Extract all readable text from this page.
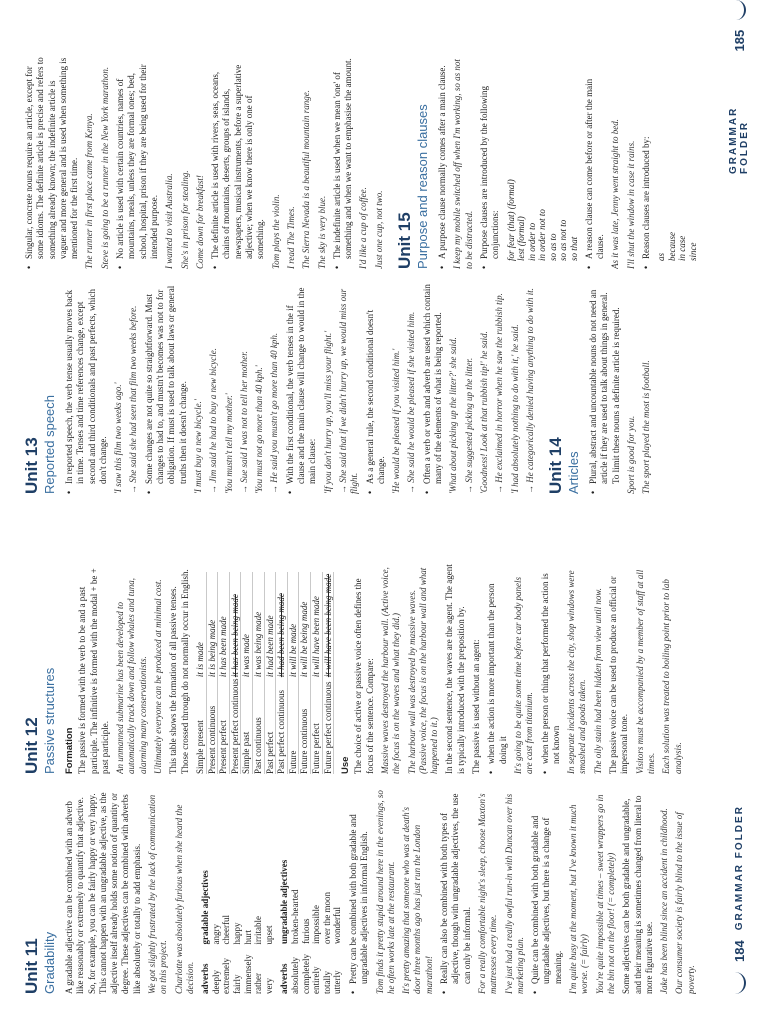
Unit 11 Gradability A gradable adjective can be combined with an adverb like reasonably or extremely to quantify that adjective. So, for example, you can be fairly happy or very happy. This cannot happen with an ungradable adjective, as the adjective itself already holds some notion of quantity or degree. These adjectives can be combined with adverbs like absolutely or totally to add emphasis. We got slightly frustrated by the lack of communication on this project. Charlotte was absolutely furious when she heard the decision. adverbs	gradable adjectives
deeply	angry
extremely	cheerful
fairly	happy
immensely	hurt
rather	irritable
very	upset
adverbs	ungradable adjectives
absolutely	broken-hearted
completely	furious
entirely	impossible
totally	over the moon
utterly	wonderful • Pretty can be combined with both gradable and ungradable adjectives in informal English. Tom finds it pretty stupid around here in the evenings, so he often works late at the restaurant. It's pretty amazing that someone who was at death's door three months ago has just run the London marathon! • Really can also be combined with both types of adjective, though with ungradable adjectives, the use can only be informal. For a really comfortable night's sleep, choose Maxton's mattresses every time. I've just had a really awful run-in with Duncan over his marketing plan. • Quite can be combined with both gradable and ungradable adjectives, but there is a change of meaning. I'm quite busy at the moment, but I've known it much worse. (= fairly) You're quite impossible at times – sweet wrappers go in the bin not on the floor! (= completely) Some adjectives can be both gradable and ungradable, and their meaning is sometimes changed from literal to more figurative use. Jake has been blind since an accident in childhood. Our consumer society is fairly blind to the issue of poverty.

Unit 12 Passive structures Formation The passive is formed with the verb to be and a past participle. The infinitive is formed with the modal + be + past participle. An unmanned submarine has been developed to automatically track down and follow whales and tuna, alarming many conservationists. Ultimately everyone can be produced at minimal cost. This table shows the formation of all passive tenses. Those crossed through do not normally occur in English. Simple present	it is made
Present continuous	it is being made
Present perfect	it has been made
Present perfect continuous	it has been being made
Simple past	it was made
Past continuous	it was being made
Past perfect	it had been made
Past perfect continuous	it had been being made
Future	it will be made
Future continuous	it will be being made
Future perfect	it will have been made
Future perfect continuous	it will have been being made
Use The choice of active or passive voice often defines the focus of the sentence. Compare: Massive waves destroyed the harbour wall. (Active voice, the focus is on the waves and what they did.) The harbour wall was destroyed by massive waves. (Passive voice, the focus is on the harbour wall and what happened to it.) In the second sentence, the waves are the agent. The agent is typically introduced with the preposition by. The passive is used without an agent: • when the action is more important than the person doing it It's going to be quite some time before car body panels are cast from titanium. • when the person or thing that performed the action is not known In separate incidents across the city, shop windows were smashed and goods taken. The oily stain had been hidden from view until now. The passive voice can be used to produce an official or impersonal tone. Visitors must be accompanied by a member of staff at all times. Each solution was treated to boiling point prior to lab analysis.

Unit 13 Reported speech • In reported speech, the verb tense usually moves back in time. Tenses and time references change, except second and third conditionals and past perfects, which don't change. 'I saw this film two weeks ago.' → She said she had seen that film two weeks before. • Some changes are not quite so straightforward. Must changes to had to, and mustn't becomes was not to for obligation. If must is used to talk about laws or general truths then it doesn't change. 'I must buy a new bicycle.' → Jim said he had to buy a new bicycle. 'You mustn't tell my mother.' → Sue said I was not to tell her mother. 'You must not go more than 40 kph.' → He said you mustn't go more than 40 kph. • With the first conditional, the verb tenses in the if clause and the main clause will change to would in the main clause: 'If you don't hurry up, you'll miss your flight.' → She said that if we didn't hurry up, we would miss our flight. • As a general rule, the second conditional doesn't change. 'He would be pleased if you visited him.' → She said he would be pleased if she visited him. • Often a verb or verb and adverb are used which contain many of the elements of what is being reported. 'What about picking up the litter?' she said. → She suggested picking up the litter. 'Goodness! Look at that rubbish tip!' he said. → He exclaimed in horror when he saw the rubbish tip. 'I had absolutely nothing to do with it,' he said. → He categorically denied having anything to do with it. Unit 14 Articles • Plural, abstract and uncountable nouns do not need an article if they are used to talk about things in general. To limit these nouns a definite article is required. Sport is good for you. The sport played the most is football.

• Singular, concrete nouns require an article, except for some idioms. The definite article is precise and refers to something already known; the indefinite article is vaguer and more general and is used when something is mentioned for the first time. The runner in first place came from Kenya. Steve is going to be a runner in the New York marathon. • No article is used with certain countries, names of mountains, meals, unless they are formal ones; bed, school, hospital, prison if they are being used for their intended purpose. I wanted to visit Australia. She's in prison for stealing. Come down for breakfast! • The definite article is used with rivers, seas, oceans, chains of mountains, deserts, groups of islands, newspapers, musical instruments, before a superlative adjective; when we know there is only one of something. Tom plays the violin. I read The Times. The Sierra Nevada is a beautiful mountain range. The sky is very blue. • The indefinite article is used when we mean 'one' of something and when we want to emphasise the amount. I'd like a cup of coffee. Just one cup, not two. Unit 15 Purpose and reason clauses • A purpose clause normally comes after a main clause. I keep my mobile switched off when I'm working, so as not to be distracted. • Purpose clauses are introduced by the following conjunctions: for fear (that) (formal) lest (formal) in order to in order not to so as to so as not to so that • A reason clause can come before or after the main clause. As it was late, Jenny went straight to bed. I'll shut the window in case it rains. • Reason clauses are introduced by: as because in case since
184
GRAMMAR FOLDER
GRAMMAR FOLDER
185
